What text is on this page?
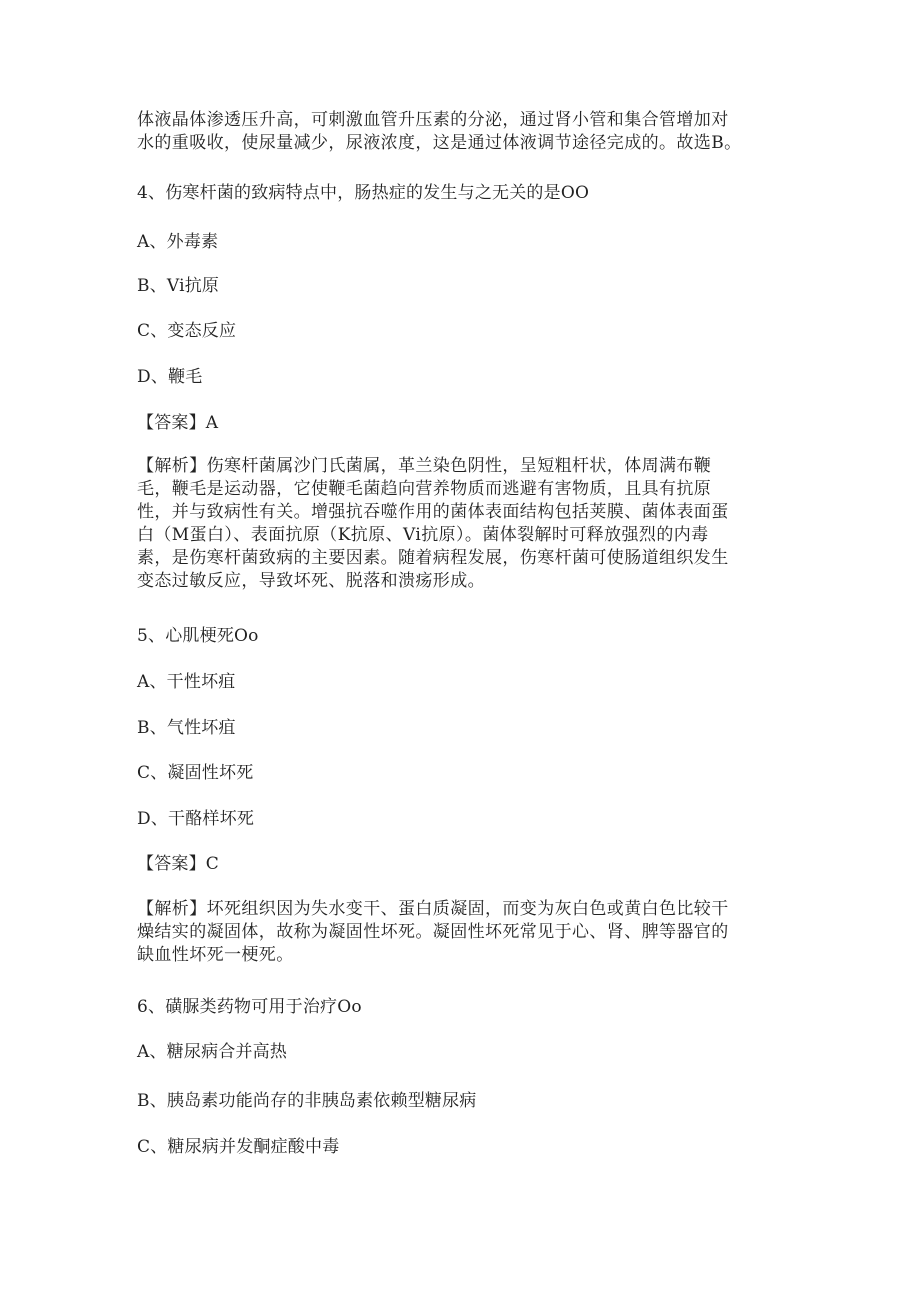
体液晶体渗透压升高，可刺激血管升压素的分泌，通过肾小管和集合管增加对
水的重吸收，使尿量减少，尿液浓度，这是通过体液调节途径完成的。故选B。
4、伤寒杆菌的致病特点中，肠热症的发生与之无关的是OO
A、外毒素
B、Vi抗原
C、变态反应
D、鞭毛
【答案】A
【解析】伤寒杆菌属沙门氏菌属，革兰染色阴性，呈短粗杆状，体周满布鞭
毛，鞭毛是运动器，它使鞭毛菌趋向营养物质而逃避有害物质，且具有抗原
性，并与致病性有关。增强抗吞噬作用的菌体表面结构包括荚膜、菌体表面蛋
白（M蛋白）、表面抗原（K抗原、Vi抗原）。菌体裂解时可释放强烈的内毒
素，是伤寒杆菌致病的主要因素。随着病程发展，伤寒杆菌可使肠道组织发生
变态过敏反应，导致坏死、脱落和溃疡形成。
5、心肌梗死Oo
A、干性坏疽
B、气性坏疽
C、凝固性坏死
D、干酪样坏死
【答案】C
【解析】坏死组织因为失水变干、蛋白质凝固，而变为灰白色或黄白色比较干
燥结实的凝固体，故称为凝固性坏死。凝固性坏死常见于心、肾、脾等器官的
缺血性坏死一梗死。
6、磺脲类药物可用于治疗Oo
A、糖尿病合并高热
B、胰岛素功能尚存的非胰岛素依赖型糖尿病
C、糖尿病并发酮症酸中毒
